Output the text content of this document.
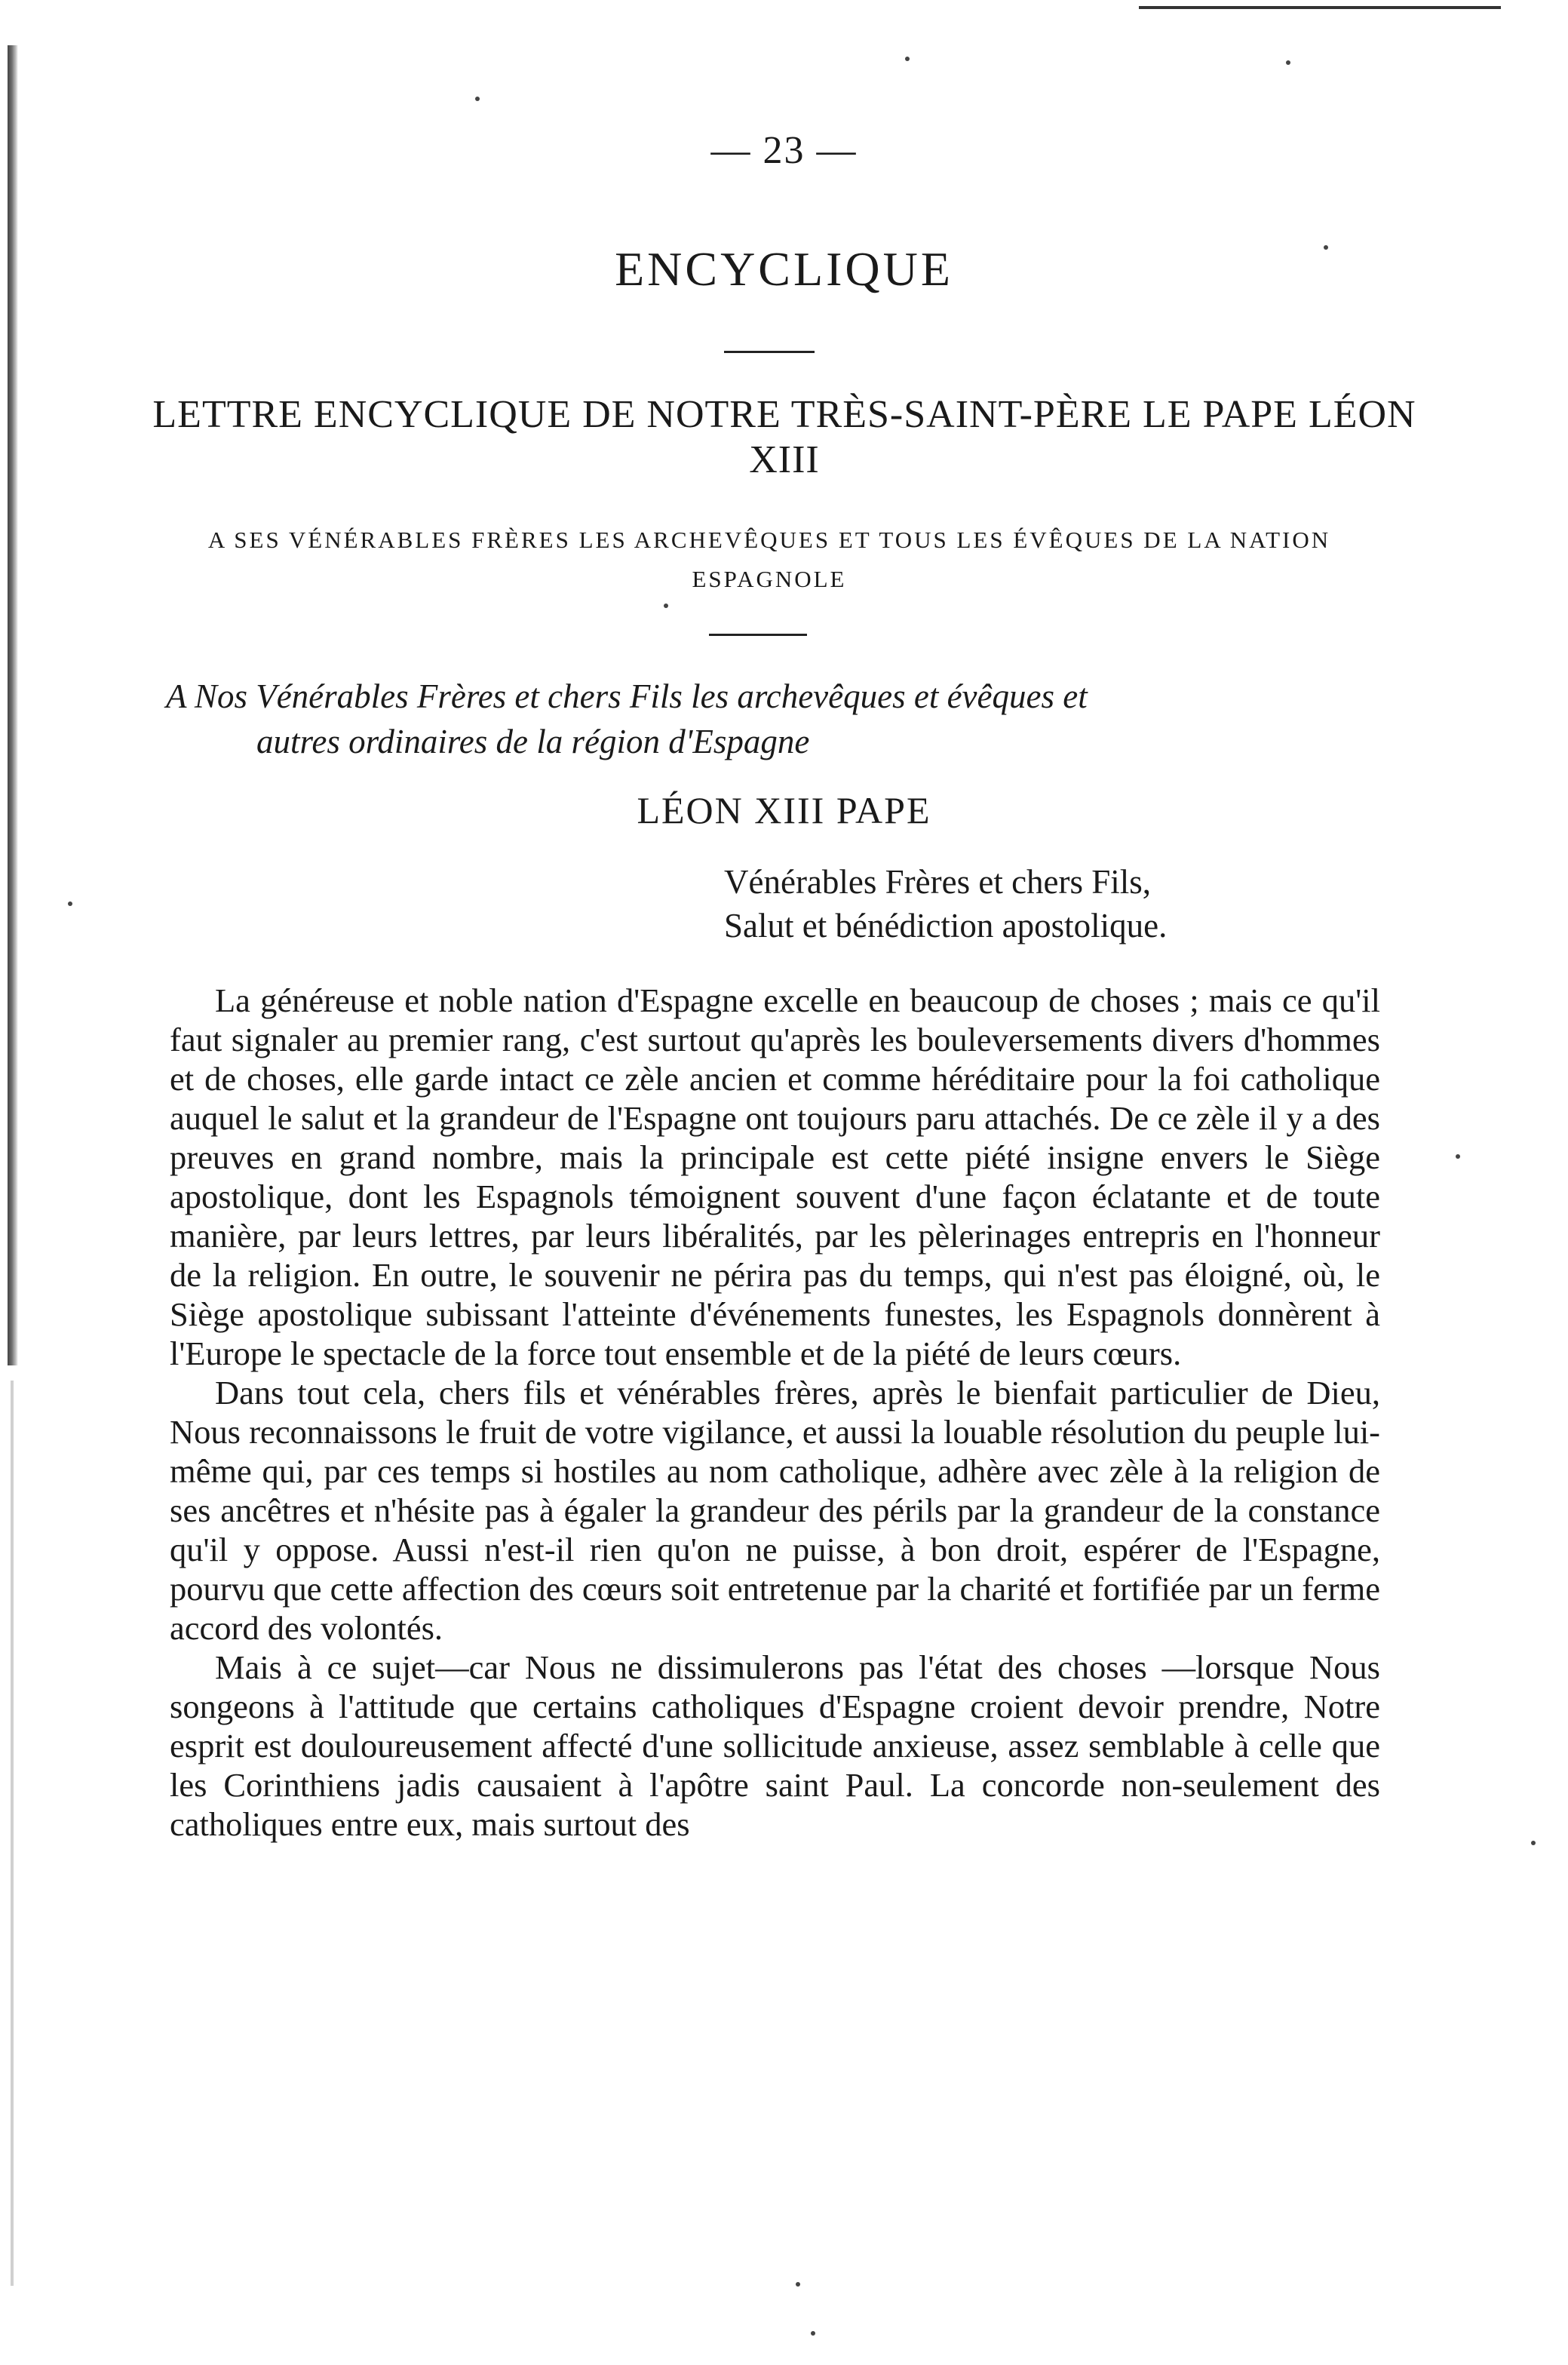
— 23 —
ENCYCLIQUE
LETTRE ENCYCLIQUE DE NOTRE TRÈS-SAINT-PÈRE LE PAPE LÉON XIII
A SES VÉNÉRABLES FRÈRES LES ARCHEVÊQUES ET TOUS LES ÉVÊQUES DE LA NATION ESPAGNOLE
A Nos Vénérables Frères et chers Fils les archevêques et évêques et
autres ordinaires de la région d'Espagne
LÉON XIII PAPE
Vénérables Frères et chers Fils,
Salut et bénédiction apostolique.

La généreuse et noble nation d'Espagne excelle en beaucoup de choses ; mais ce qu'il faut signaler au premier rang, c'est surtout qu'après les bouleversements divers d'hommes et de choses, elle garde intact ce zèle ancien et comme héréditaire pour la foi catholique auquel le salut et la grandeur de l'Espagne ont toujours paru attachés. De ce zèle il y a des preuves en grand nombre, mais la principale est cette piété insigne envers le Siège apostolique, dont les Espagnols témoignent souvent d'une façon éclatante et de toute manière, par leurs lettres, par leurs libéralités, par les pèlerinages entrepris en l'honneur de la religion. En outre, le souvenir ne périra pas du temps, qui n'est pas éloigné, où, le Siège apostolique subissant l'atteinte d'événements funestes, les Espagnols donnèrent à l'Europe le spectacle de la force tout ensemble et de la piété de leurs cœurs.

Dans tout cela, chers fils et vénérables frères, après le bienfait particulier de Dieu, Nous reconnaissons le fruit de votre vigilance, et aussi la louable résolution du peuple lui-même qui, par ces temps si hostiles au nom catholique, adhère avec zèle à la religion de ses ancêtres et n'hésite pas à égaler la grandeur des périls par la grandeur de la constance qu'il y oppose. Aussi n'est-il rien qu'on ne puisse, à bon droit, espérer de l'Espagne, pourvu que cette affection des cœurs soit entretenue par la charité et fortifiée par un ferme accord des volontés.

Mais à ce sujet—car Nous ne dissimulerons pas l'état des choses —lorsque Nous songeons à l'attitude que certains catholiques d'Espagne croient devoir prendre, Notre esprit est douloureusement affecté d'une sollicitude anxieuse, assez semblable à celle que les Corinthiens jadis causaient à l'apôtre saint Paul. La concorde non-seulement des catholiques entre eux, mais surtout des
